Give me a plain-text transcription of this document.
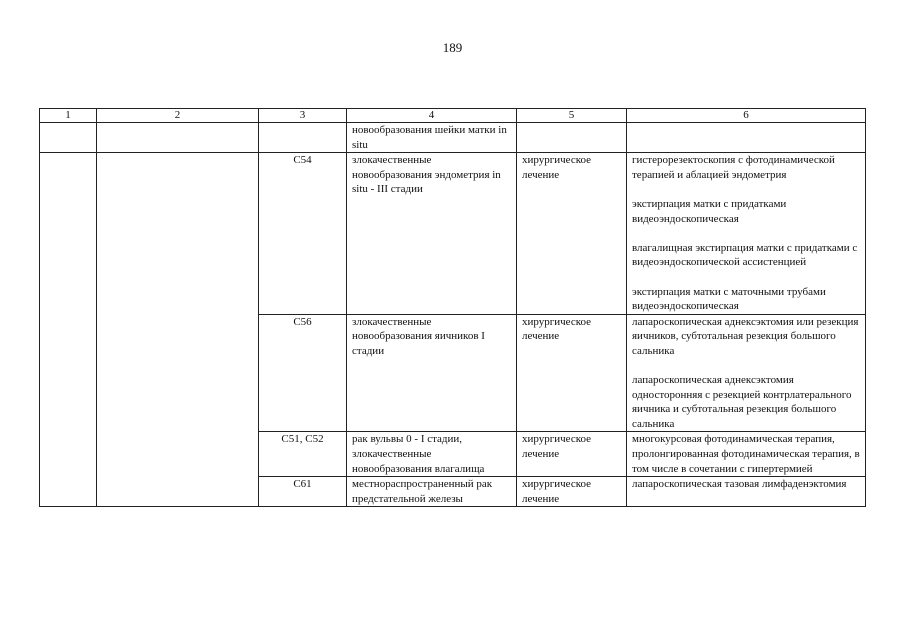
189
1	2	3	4	5	6
			новообразования шейки матки in situ		
		C54	злокачественные новообразования эндометрия in situ - III стадии	хирургическое лечение	гистерорезектоскопия с фотодинамической терапией и аблацией эндометрия
экстирпация матки с придатками видеоэндоскопическая
влагалищная экстирпация матки с придатками с видеоэндоскопической ассистенцией
экстирпация матки с маточными трубами видеоэндоскопическая

		C56	злокачественные новообразования яичников I стадии	хирургическое лечение	лапароскопическая аднексэктомия или резекция яичников, субтотальная резекция большого сальника
лапароскопическая аднексэктомия односторонняя с резекцией контрлатерального яичника и субтотальная резекция большого сальника

		C51, C52	рак вульвы 0 - I стадии, злокачественные новообразования влагалища	хирургическое лечение	многокурсовая фотодинамическая терапия, пролонгированная фотодинамическая терапия, в том числе в сочетании с гипертермией

		C61	местнораспространенный рак предстательной железы	хирургическое лечение	лапароскопическая тазовая лимфаденэктомия
